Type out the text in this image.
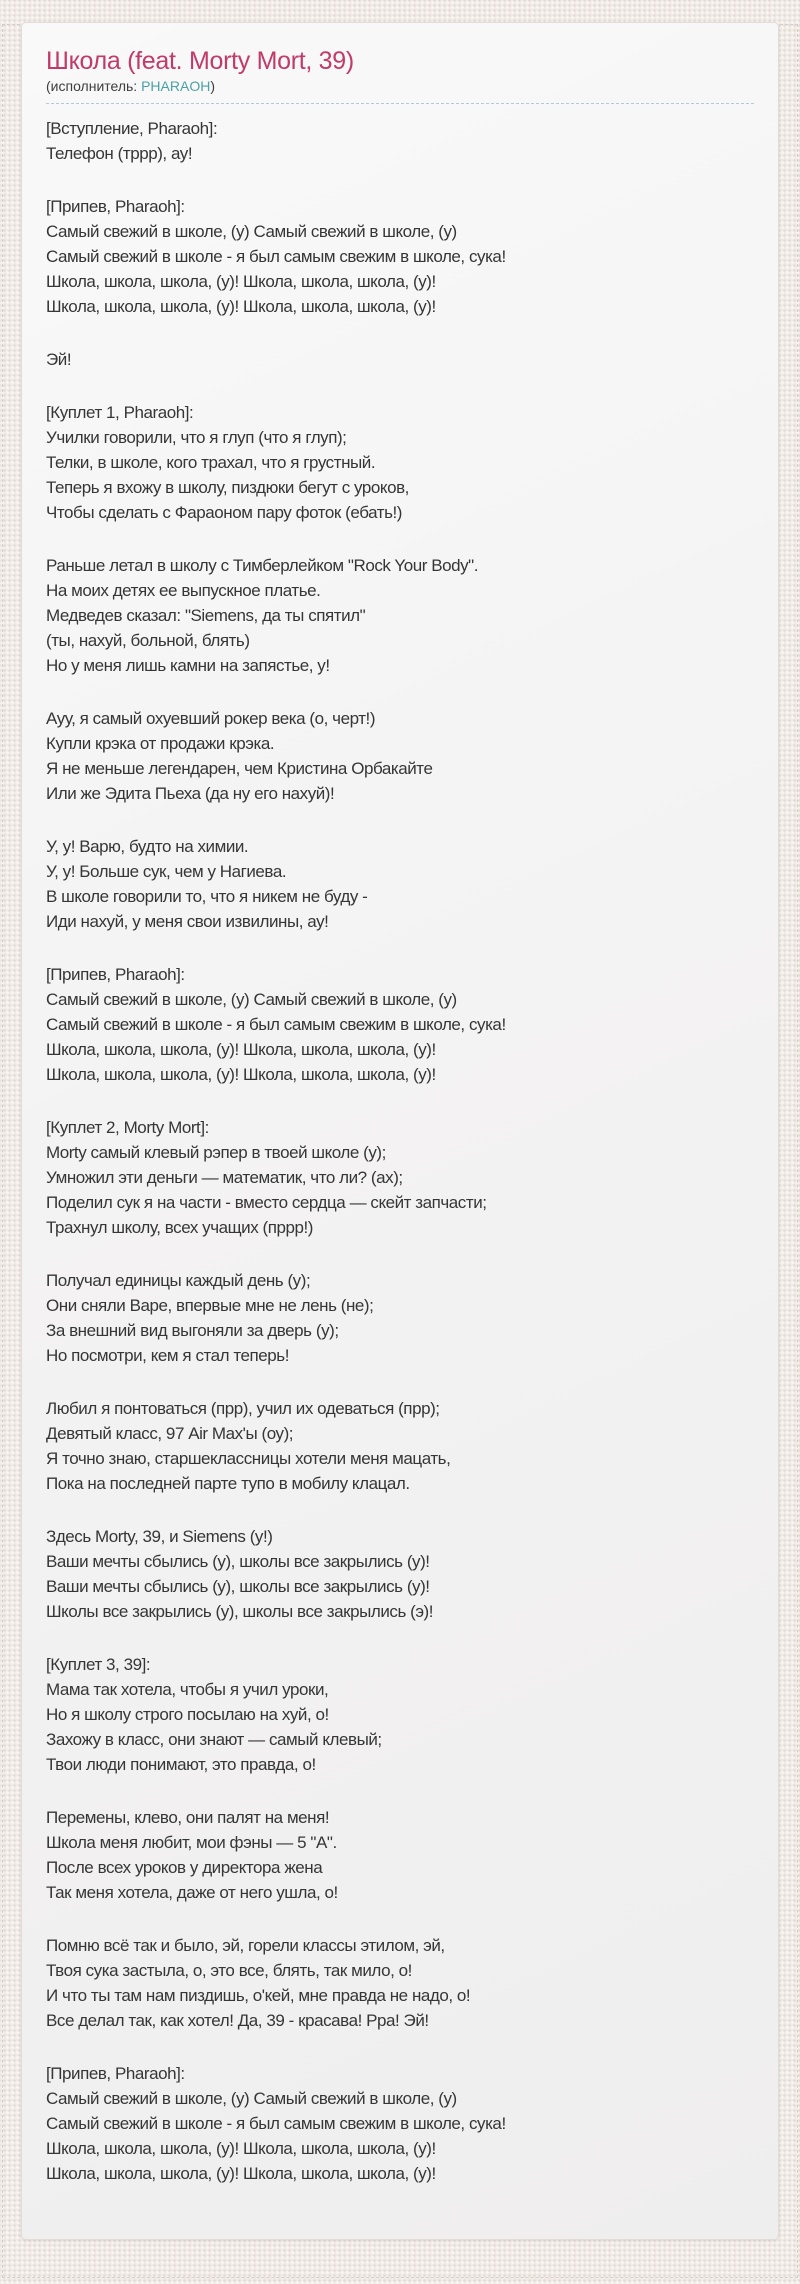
Школа (feat. Morty Mort, 39)
(исполнитель: PHARAOH)
[Вступление, Pharaoh]:
Телефон (тррр), ау!
[Припев, Pharaoh]:
Самый свежий в школе, (у) Самый свежий в школе, (у)
Самый свежий в школе - я был самым свежим в школе, сука!
Школа, школа, школа, (у)! Школа, школа, школа, (у)!
Школа, школа, школа, (у)! Школа, школа, школа, (у)!
Эй!
[Куплет 1, Pharaoh]:
Училки говорили, что я глуп (что я глуп);
Телки, в школе, кого трахал, что я грустный.
Теперь я вхожу в школу, пиздюки бегут с уроков,
Чтобы сделать с Фараоном пару фоток (ебать!)
Раньше летал в школу с Тимберлейком "Rock Your Body".
На моих детях ее выпускное платье.
Медведев сказал: "Siemens, да ты спятил"
(ты, нахуй, больной, блять)
Но у меня лишь камни на запястье, у!
Ауу, я самый охуевший рокер века (о, черт!)
Купли крэка от продажи крэка.
Я не меньше легендарен, чем Кристина Орбакайте
Или же Эдита Пьеха (да ну его нахуй)!
У, у! Варю, будто на химии.
У, у! Больше сук, чем у Нагиева.
В школе говорили то, что я никем не буду -
Иди нахуй, у меня свои извилины, ау!
[Припев, Pharaoh]:
Самый свежий в школе, (у) Самый свежий в школе, (у)
Самый свежий в школе - я был самым свежим в школе, сука!
Школа, школа, школа, (у)! Школа, школа, школа, (у)!
Школа, школа, школа, (у)! Школа, школа, школа, (у)!
[Куплет 2, Morty Mort]:
Morty самый клевый рэпер в твоей школе (у);
Умножил эти деньги — математик, что ли? (ах);
Поделил сук я на части - вместо сердца — скейт запчасти;
Трахнул школу, всех учащих (пррр!)
Получал единицы каждый день (у);
Они сняли Варе, впервые мне не лень (не);
За внешний вид выгоняли за дверь (у);
Но посмотри, кем я стал теперь!
Любил я понтоваться (прр), учил их одеваться (прр);
Девятый класс, 97 Air Max'ы (оу);
Я точно знаю, старшеклассницы хотели меня мацать,
Пока на последней парте тупо в мобилу клацал.
Здесь Morty, 39, и Siemens (у!)
Ваши мечты сбылись (у), школы все закрылись (у)!
Ваши мечты сбылись (у), школы все закрылись (у)!
Школы все закрылись (у), школы все закрылись (э)!
[Куплет 3, 39]:
Мама так хотела, чтобы я учил уроки,
Но я школу строго посылаю на хуй, о!
Захожу в класс, они знают — самый клевый;
Твои люди понимают, это правда, о!
Перемены, клево, они палят на меня!
Школа меня любит, мои фэны — 5 "А".
После всех уроков у директора жена
Так меня хотела, даже от него ушла, о!
Помню всё так и было, эй, горели классы этилом, эй,
Твоя сука застыла, о, это все, блять, так мило, о!
И что ты там нам пиздишь, о'кей, мне правда не надо, о!
Все делал так, как хотел! Да, 39 - красава! Рра! Эй!
[Припев, Pharaoh]:
Самый свежий в школе, (у) Самый свежий в школе, (у)
Самый свежий в школе - я был самым свежим в школе, сука!
Школа, школа, школа, (у)! Школа, школа, школа, (у)!
Школа, школа, школа, (у)! Школа, школа, школа, (у)!
